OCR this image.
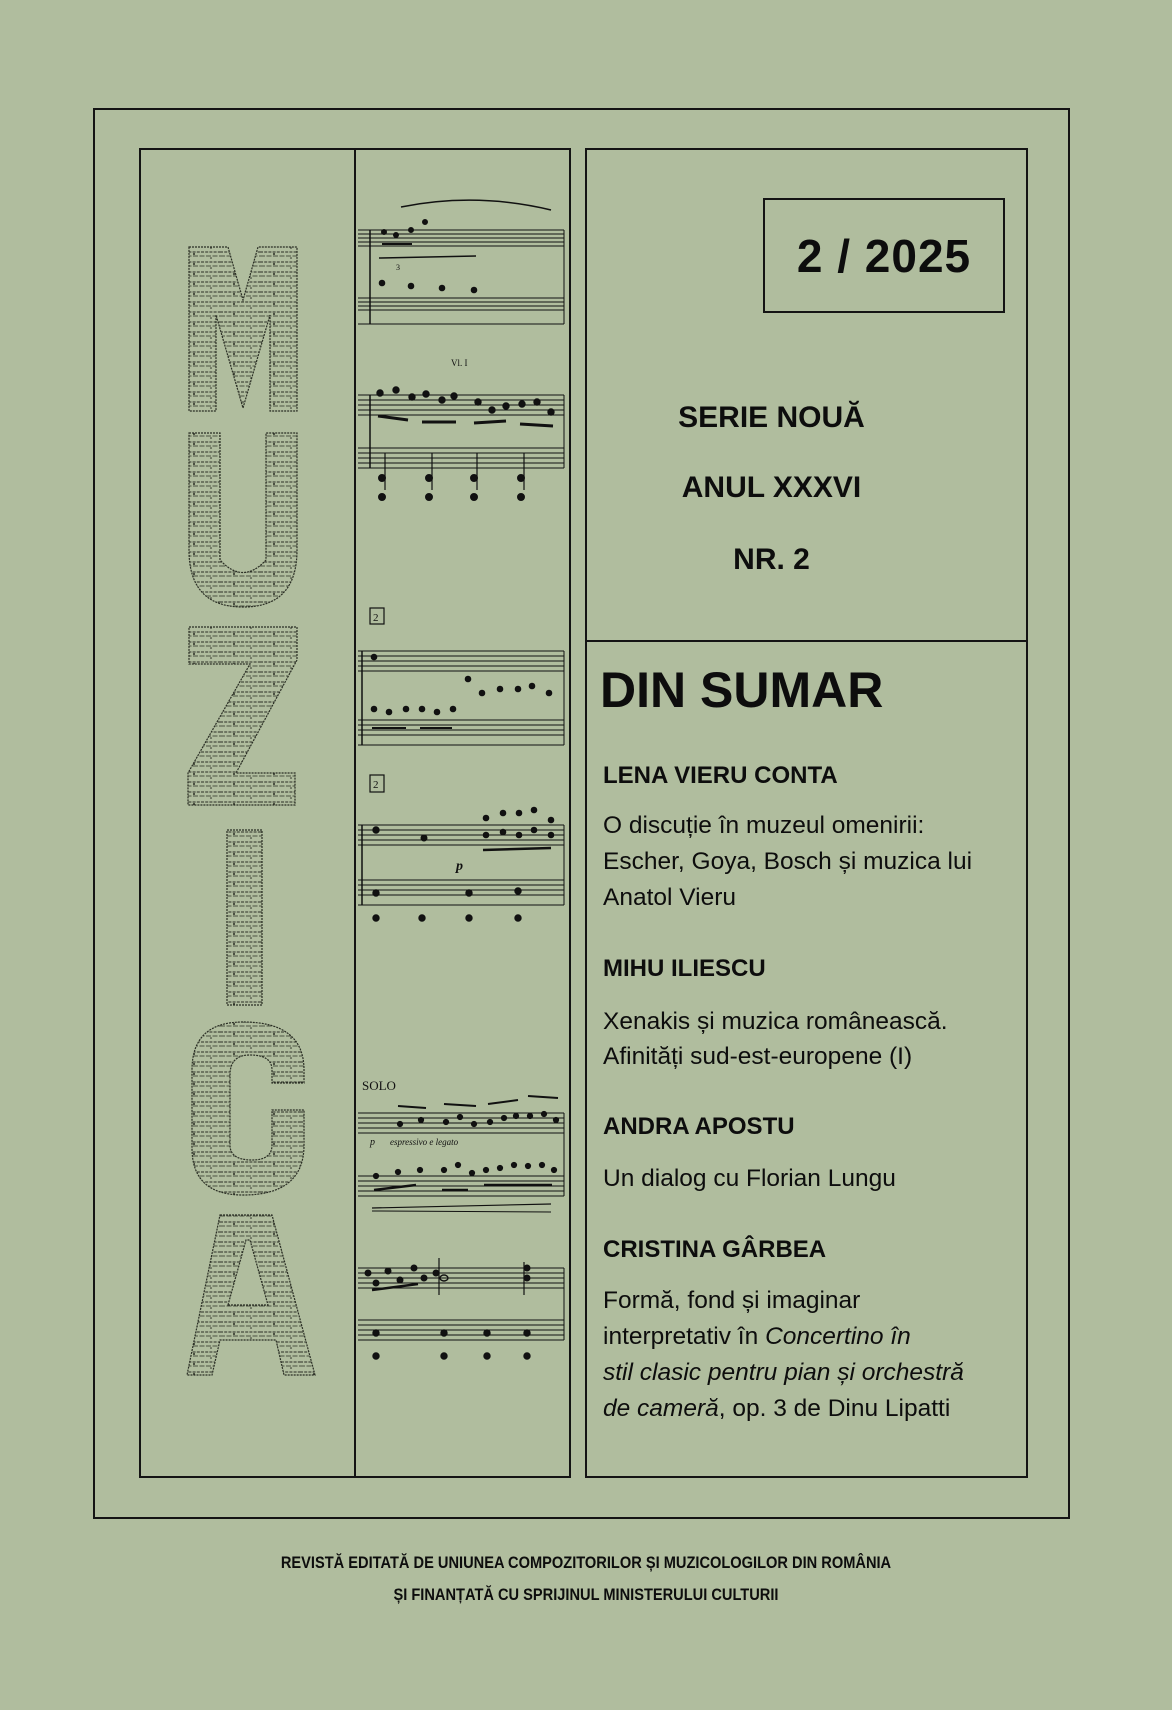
3
Vl. I
2
2
p
SOLO
p espressivo e legato
2 / 2025
SERIE NOUĂ
ANUL XXXVI
NR. 2
DIN SUMAR

LENA VIERU CONTA

O discuție în muzeul omenirii:

Escher, Goya, Bosch și muzica lui

Anatol Vieru

MIHU ILIESCU

Xenakis și muzica românească.

Afinități sud-est-europene (I)

ANDRA APOSTU

Un dialog cu Florian Lungu

CRISTINA GÂRBEA

Formă, fond și imaginar

interpretativ în Concertino în

stil clasic pentru pian și orchestră

de cameră, op. 3 de Dinu Lipatti

REVISTĂ EDITATĂ DE UNIUNEA COMPOZITORILOR ȘI MUZICOLOGILOR DIN ROMÂNIA
ȘI FINANȚATĂ CU SPRIJINUL MINISTERULUI CULTURII
